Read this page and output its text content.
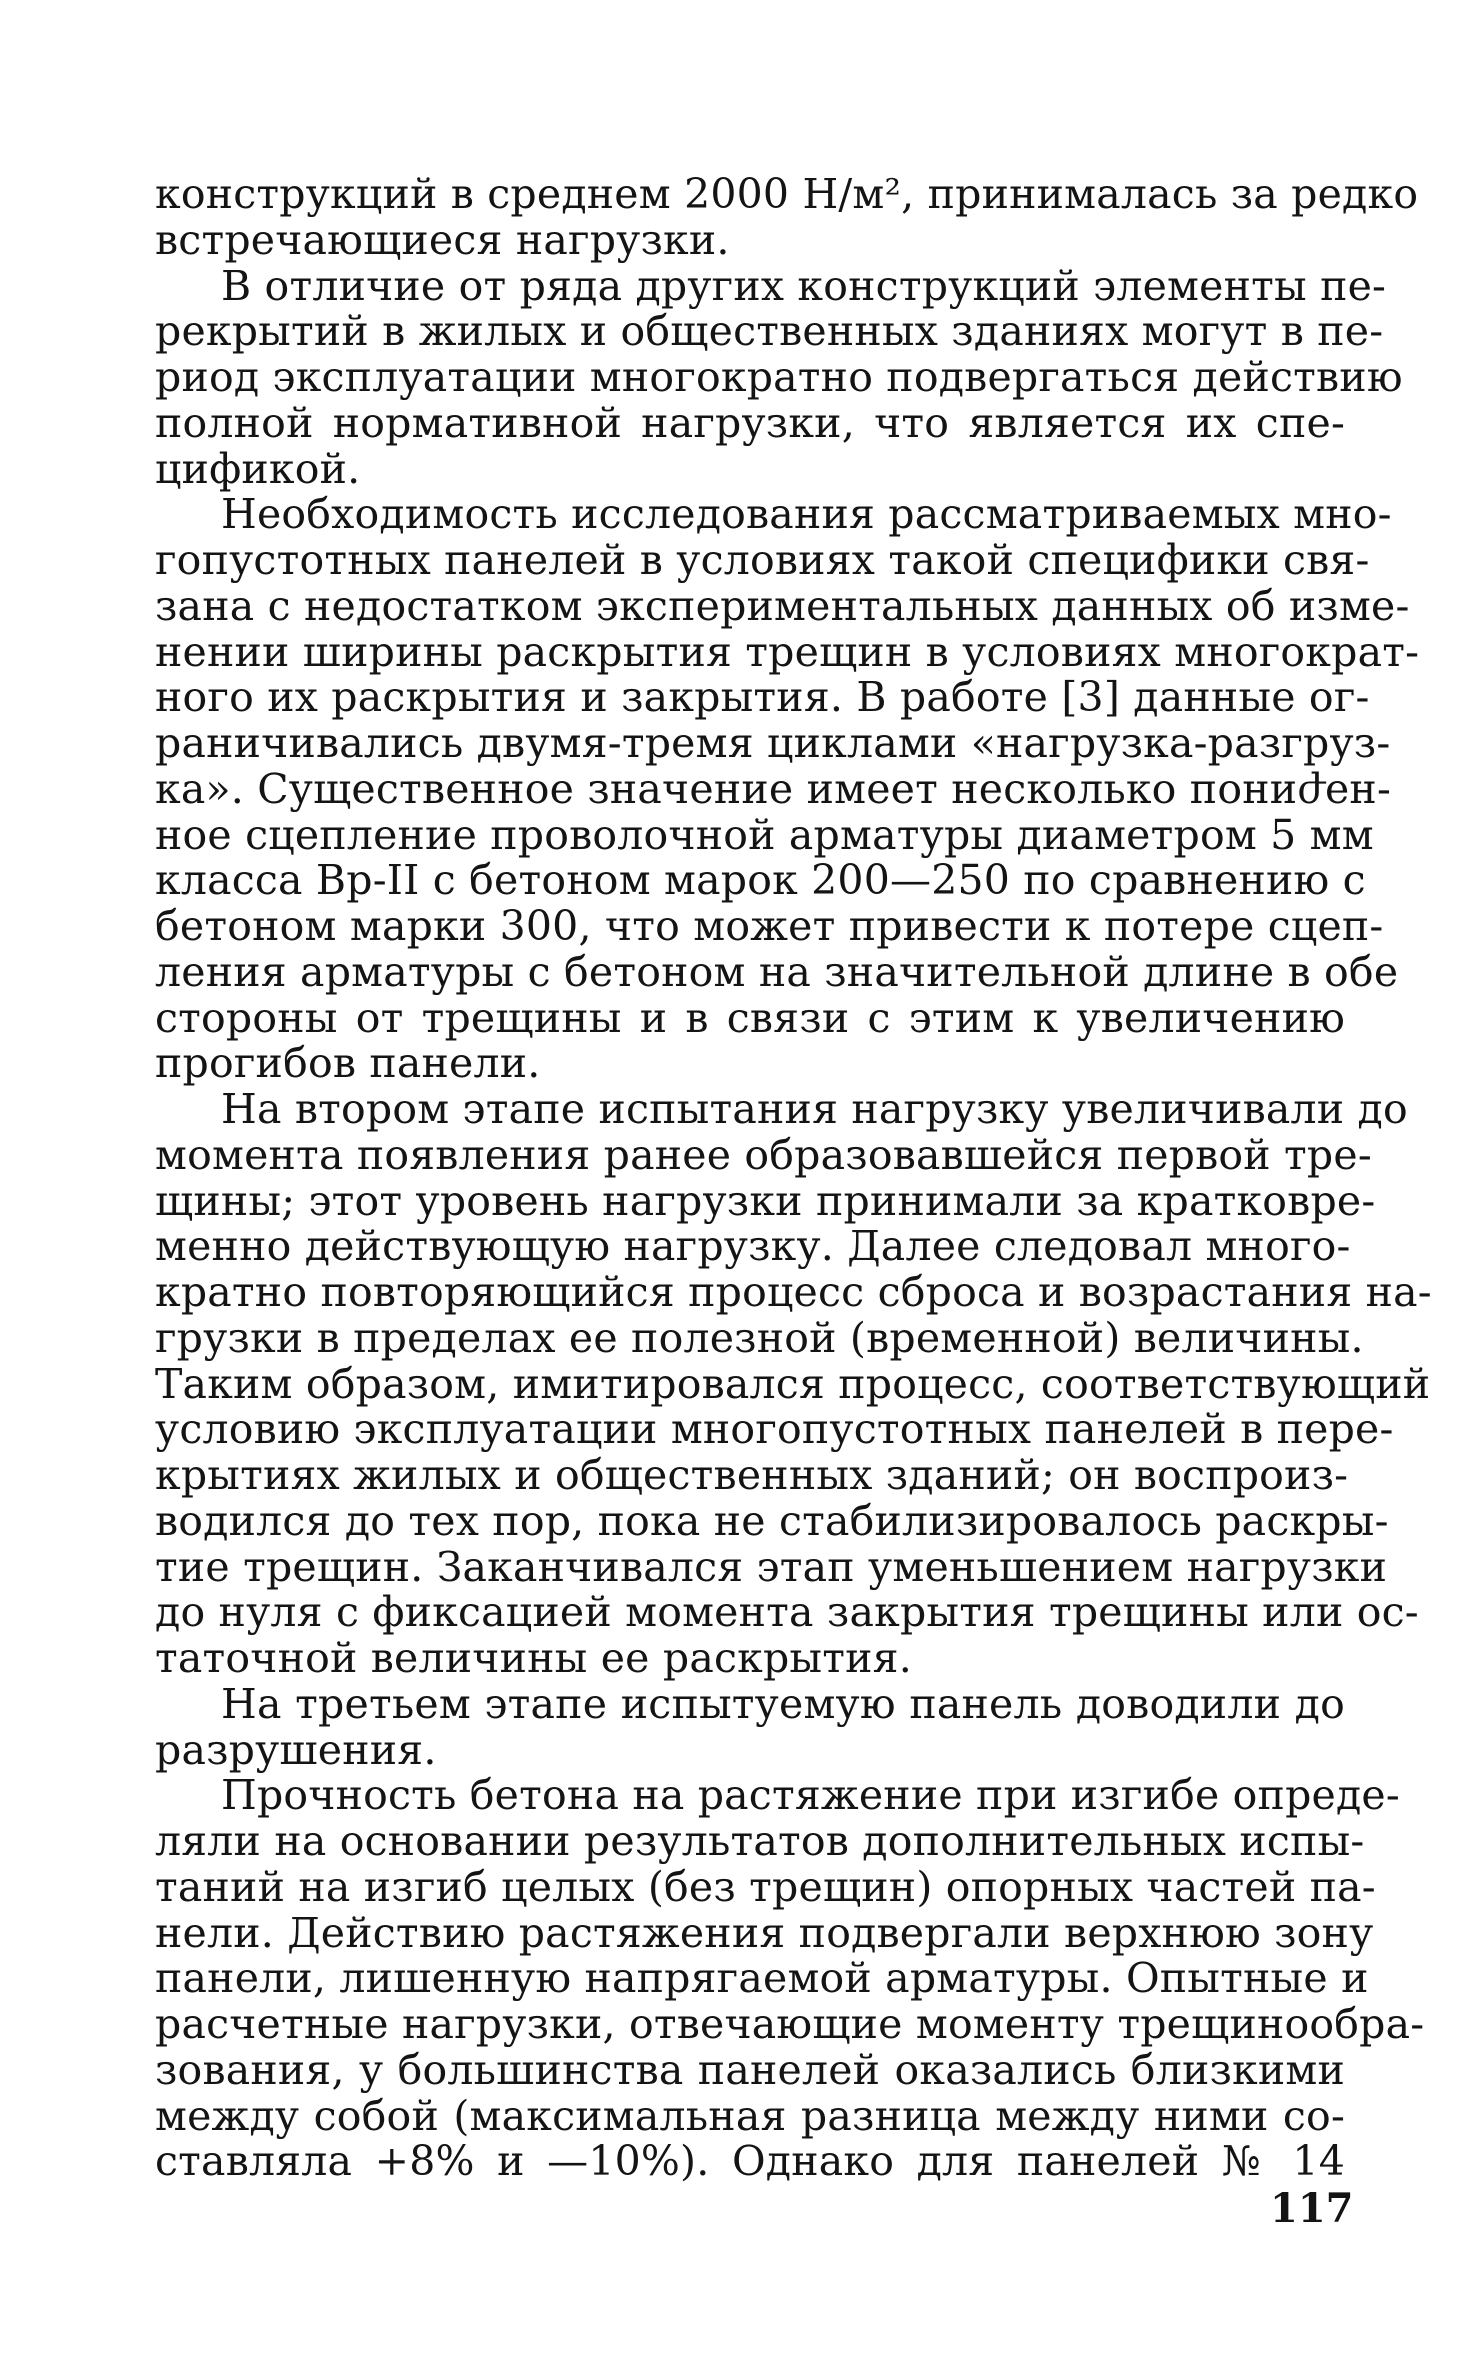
конструкций в среднем 2000 Н/м², принималась за редко
встречающиеся нагрузки.
В отличие от ряда других конструкций элементы пе-
рекрытий в жилых и общественных зданиях могут в пе-
риод эксплуатации многократно подвергаться действию
полной нормативной нагрузки, что является их спе-
цификой.
Необходимость исследования рассматриваемых мно-
гопустотных панелей в условиях такой специфики свя-
зана с недостатком экспериментальных данных об изме-
нении ширины раскрытия трещин в условиях многократ-
ного их раскрытия и закрытия. В работе [3] данные ог-
раничивались двумя-тремя циклами «нагрузка-разгруз-
ка». Существенное значение имеет несколько пониժен-
ное сцепление проволочной арматуры диаметром 5 мм
класса Вр-II с бетоном марок 200—250 по сравнению с
бетоном марки 300, что может привести к потере сцеп-
ления арматуры с бетоном на значительной длине в обе
стороны от трещины и в связи с этим к увеличению
прогибов панели.
На втором этапе испытания нагрузку увеличивали до
момента появления ранее образовавшейся первой тре-
щины; этот уровень нагрузки принимали за кратковре-
менно действующую нагрузку. Далее следовал много-
кратно повторяющийся процесс сброса и возрастания на-
грузки в пределах ее полезной (временной) величины.
Таким образом, имитировался процесс, соответствующий
условию эксплуатации многопустотных панелей в пере-
крытиях жилых и общественных зданий; он воспроиз-
водился до тех пор, пока не стабилизировалось раскры-
тие трещин. Заканчивался этап уменьшением нагрузки
до нуля с фиксацией момента закрытия трещины или ос-
таточной величины ее раскрытия.
На третьем этапе испытуемую панель доводили до
разрушения.
Прочность бетона на растяжение при изгибе опреде-
ляли на основании результатов дополнительных испы-
таний на изгиб целых (без трещин) опорных частей па-
нели. Действию растяжения подвергали верхнюю зону
панели, лишенную напрягаемой арматуры. Опытные и
расчетные нагрузки, отвечающие моменту трещинообра-
зования, у большинства панелей оказались близкими
между собой (максимальная разница между ними со-
ставляла +8% и —10%). Однако для панелей № 14
117
